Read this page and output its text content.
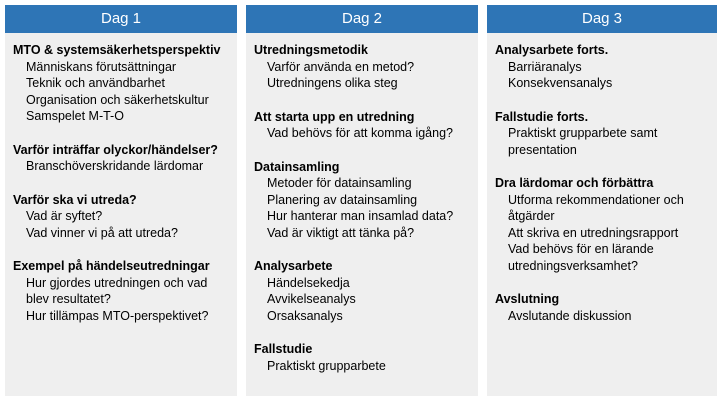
Dag 1
MTO & systemsäkerhetsperspektiv
Människans förutsättningar
Teknik och användbarhet
Organisation och säkerhetskultur
Samspelet M-T-O
Varför inträffar olyckor/händelser?
Branschöverskridande lärdomar
Varför ska vi utreda?
Vad är syftet?
Vad vinner vi på att utreda?
Exempel på händelseutredningar
Hur gjordes utredningen och vad blev resultatet?
Hur tillämpas MTO-perspektivet?
Dag 2
Utredningsmetodik
Varför använda en metod?
Utredningens olika steg
Att starta upp en utredning
Vad behövs för att komma igång?
Datainsamling
Metoder för datainsamling
Planering av datainsamling
Hur hanterar man insamlad data?
Vad är viktigt att tänka på?
Analysarbete
Händelsekedja
Avvikelseanalys
Orsaksanalys
Fallstudie
Praktiskt grupparbete
Dag 3
Analysarbete forts.
Barriäranalys
Konsekvensanalys
Fallstudie forts.
Praktiskt grupparbete samt presentation
Dra lärdomar och förbättra
Utforma rekommendationer och åtgärder
Att skriva en utredningsrapport
Vad behövs för en lärande utredningsverksamhet?
Avslutning
Avslutande diskussion
